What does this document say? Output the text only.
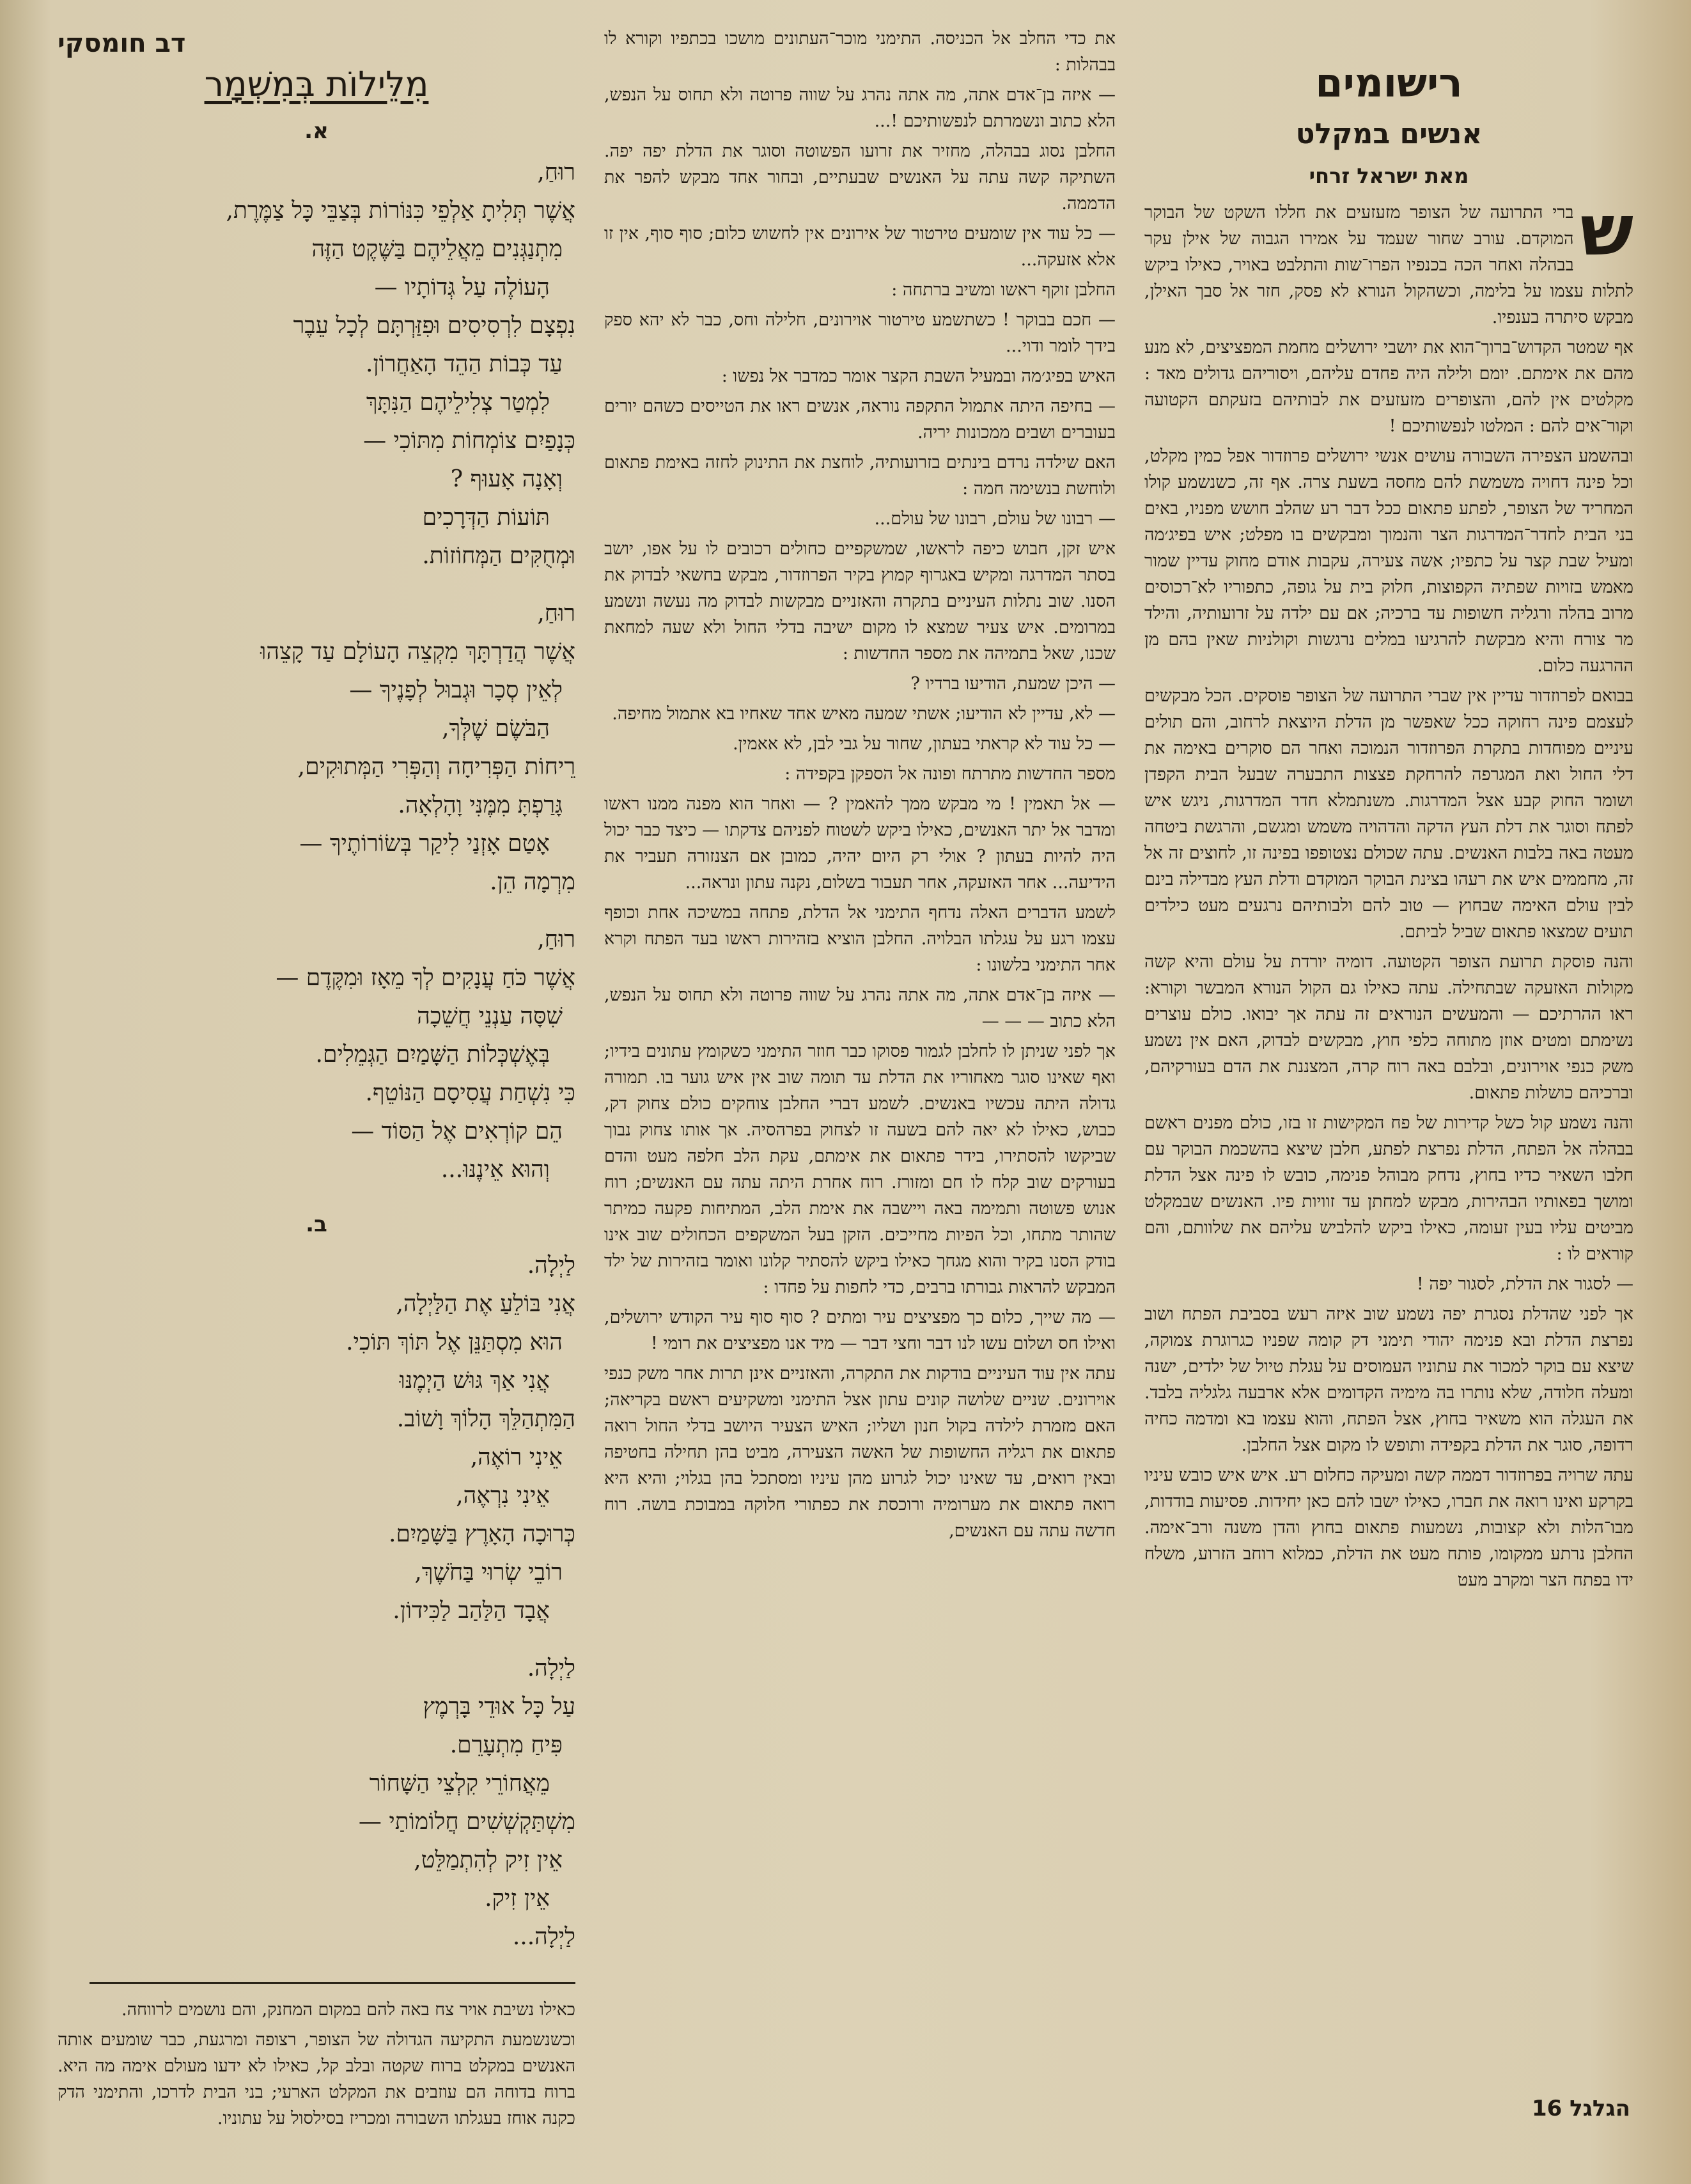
רישומים
אנשים במקלט
מאת ישראל זרחי

ש
ברי התרועה של הצופר מזעזעים את חללו השקט של הבוקר המוקדם. עורב שחור שעמד על אמירו הגבוה של אילן עקר בבהלה ואחר הכה בכנפיו הפרו־שות והתלבט באויר, כאילו ביקש לתלות עצמו על בלימה, וכשהקול הנורא לא פסק, חזר אל סבך האילן, מבקש סיתרה בענפיו.

אף שמטר הקדוש־ברוך־הוא את יושבי ירושלים מחמת המפציצים, לא מנע מהם את אימתם. יומם ולילה היה פחדם עליהם, ויסוריהם גדולים מאד : מקלטים אין להם, והצופרים מזעזעים את לבותיהם בזעקתם הקטועה וקור־אים להם : המלטו לנפשותיכם !

ובהשמע הצפירה השבורה עושים אנשי ירושלים פרוזדור אפל כמין מקלט, וכל פינה דחויה משמשת להם מחסה בשעת צרה. אף זה, כשנשמע קולו המחריד של הצופר, לפתע פתאום ככל דבר רע שהלב חושש מפניו, באים בני הבית לחדר־המדרגות הצר והנמוך ומבקשים בו מפלט; איש בפיג׳מה ומעיל שבת קצר על כתפיו; אשה צעירה, עקבות אודם מחוק עדיין שמור מאמש בזויות שפתיה הקפוצות, חלוק בית על גופה, כתפוריו לא־רכוסים מרוב בהלה ורגליה חשופות עד ברכיה; אם עם ילדה על זרועותיה, והילד מר צורח והיא מבקשת להרגיעו במלים נרגשות וקולניות שאין בהם מן ההרגעה כלום.

בבואם לפרוזדור עדיין אין שברי התרועה של הצופר פוסקים. הכל מבקשים לעצמם פינה רחוקה ככל שאפשר מן הדלת היוצאת לרחוב, והם תולים עיניים מפוחדות בתקרת הפרוזדור הנמוכה ואחר הם סוקרים באימה את דלי החול ואת המגרפה להרחקת פצצות התבערה שבעל הבית הקפדן ושומר החוק קבע אצל המדרגות. משנתמלא חדר המדרגות, ניגש איש לפתח וסוגר את דלת העץ הדקה והדהויה משמש ומגשם, והרגשת ביטחה מעטה באה בלבות האנשים. עתה שכולם נצטופפו בפינה זו, לחוצים זה אל זה, מחממים איש את רעהו בצינת הבוקר המוקדם ודלת העץ מבדילה בינם לבין עולם האימה שבחוץ — טוב להם ולבותיהם נרגעים מעט כילדים תועים שמצאו פתאום שביל לביתם.

והנה פוסקת תרועת הצופר הקטועה. דומיה יורדת על עולם והיא קשה מקולות האזעקה שבתחילה. עתה כאילו גם הקול הנורא המבשר וקורא: ראו ההרתיכם — והמעשים הנוראים זה עתה אך יבואו. כולם עוצרים נשימתם ומטים אוזן מתוחה כלפי חוץ, מבקשים לבדוק, האם אין נשמע משק כנפי אוירונים, ובלבם באה רוח קרה, המצננת את הדם בעורקיהם, וברכיהם כושלות פתאום.

והנה נשמע קול כשל קדירות של פח המקישות זו בזו, כולם מפנים ראשם בבהלה אל הפתח, הדלת נפרצת לפתע, חלבן שיצא בהשכמת הבוקר עם חלבו השאיר כדיו בחוץ, נדחק מבוהל פנימה, כובש לו פינה אצל הדלת ומושך בפאותיו הבהירות, מבקש למחתן עד זוויות פיו. האנשים שבמקלט מביטים עליו בעין זעומה, כאילו ביקש להלביש עליהם את שלוותם, והם קוראים לו :

— לסגור את הדלת, לסגור יפה !

אך לפני שהדלת נסגרת יפה נשמע שוב איזה רעש בסביבת הפתח ושוב נפרצת הדלת ובא פנימה יהודי תימני דק קומה שפניו כגרוגרת צמוקה, שיצא עם בוקר למכור את עתוניו העמוסים על עגלת טיול של ילדים, ישנה ומעלה חלודה, שלא נותרו בה מימיה הקדומים אלא ארבעה גלגליה בלבד. את העגלה הוא משאיר בחוץ, אצל הפתח, והוא עצמו בא ומדמה כחיה רדופה, סוגר את הדלת בקפידה ותופש לו מקום אצל החלבן.

עתה שרויה בפרוזדור דממה קשה ומעיקה כחלום רע. איש איש כובש עיניו בקרקע ואינו רואה את חברו, כאילו ישבו להם כאן יחידות. פסיעות בודדות, מבו־הלות ולא קצובות, נשמעות פתאום בחוץ והדן משנה ורב־אימה. החלבן נרתע ממקומו, פותח מעט את הדלת, כמלוא רוחב הזרוע, משלח ידו בפתח הצר ומקרב מעט

את כדי החלב אל הכניסה. התימני מוכר־העתונים מושכו בכתפיו וקורא לו בבהלות :

— איזה בן־אדם אתה, מה אתה נהרג על שווה פרוטה ולא תחוס על הנפש, הלא כתוב ונשמרתם לנפשותיכם !...

החלבן נסוג בבהלה, מחזיר את זרועו הפשוטה וסוגר את הדלת יפה יפה. השתיקה קשה עתה על האנשים שבעתיים, ובחור אחד מבקש להפר את הדממה.

— כל עוד אין שומעים טירטור של אירונים אין לחשוש כלום; סוף סוף, אין זו אלא אזעקה...

החלבן זוקף ראשו ומשיב ברתחה :

— חכם בבוקר ! כשתשמע טירטור אוירונים, חלילה וחס, כבר לא יהא ספק בידך לומר ודוי...

האיש בפיג׳מה ובמעיל השבת הקצר אומר כמדבר אל נפשו :

— בחיפה היתה אתמול התקפה נוראה, אנשים ראו את הטייסים כשהם יורים בעוברים ושבים ממכונות יריה.

האם שילדה נרדם בינתים בזרועותיה, לוחצת את התינוק לחזה באימת פתאום ולוחשת בנשימה חמה :

— רבונו של עולם, רבונו של עולם...

איש זקן, חבוש כיפה לראשו, שמשקפיים כחולים רכובים לו על אפו, יושב בסתר המדרגה ומקיש באגרוף קמוץ בקיר הפרוזדור, מבקש בחשאי לבדוק את הסנו. שוב נתלות העיניים בתקרה והאזניים מבקשות לבדוק מה נעשה ונשמע במרומים. איש צעיר שמצא לו מקום ישיבה בדלי החול ולא שעה למחאת שכנו, שאל בתמיהה את מספר החדשות :

— היכן שמעת, הודיעו ברדיו ?

— לא, עדיין לא הודיעו; אשתי שמעה מאיש אחד שאחיו בא אתמול מחיפה.

— כל עוד לא קראתי בעתון, שחור על גבי לבן, לא אאמין.

מספר החדשות מתרתח ופונה אל הספקן בקפידה :

— אל תאמין ! מי מבקש ממך להאמין ? — ואחר הוא מפנה ממנו ראשו ומדבר אל יתר האנשים, כאילו ביקש לשטוח לפניהם צדקתו — כיצד כבר יכול היה להיות בעתון ? אולי רק היום יהיה, כמובן אם הצנזורה תעביר את הידיעה... אחר האזעקה, אחר תעבור בשלום, נקנה עתון ונראה...

לשמע הדברים האלה נדחף התימני אל הדלת, פתחה במשיכה אחת וכופף עצמו רגע על עגלתו הבלויה. החלבן הוציא בזהירות ראשו בעד הפתח וקרא אחר התימני בלשונו :

— איזה בן־אדם אתה, מה אתה נהרג על שווה פרוטה ולא תחוס על הנפש, הלא כתוב — — —

אך לפני שניתן לו לחלבן לגמור פסוקו כבר חוזר התימני כשקומץ עתונים בידיו; ואף שאינו סוגר מאחוריו את הדלת עד תומה שוב אין איש גוער בו. תמורה גדולה היתה עכשיו באנשים. לשמע דברי החלבן צוחקים כולם צחוק דק, כבוש, כאילו לא יאה להם בשעה זו לצחוק בפרהסיה. אך אותו צחוק נבוך שביקשו להסתירו, בידר פתאום את אימתם, עקת הלב חלפה מעט והדם בעורקים שוב קלח לו חם ומזורז. רוח אחרת היתה עתה עם האנשים; רוח אנוש פשוטה ותמימה באה ויישבה את אימת הלב, המתיחות פקעה כמיתר שהותר מתחו, וכל הפיות מחייכים. הזקן בעל המשקפים הכחולים שוב אינו בודק הסנו בקיר והוא מגחך כאילו ביקש להסתיר קלונו ואומר בזהירות של ילד המבקש להראות גבורתו ברבים, כדי לחפות על פחדו :

— מה שייך, כלום כך מפציצים עיר ומתים ? סוף סוף עיר הקודש ירושלים, ואילו חס ושלום עשו לנו דבר וחצי דבר — מיד אנו מפציצים את רומי !

עתה אין עוד העיניים בודקות את התקרה, והאזניים אינן תרות אחר משק כנפי אוירונים. שניים שלושה קונים עתון אצל התימני ומשקיעים ראשם בקריאה; האם מזמרת לילדה בקול חנון ושליו; האיש הצעיר היושב בדלי החול רואה פתאום את רגליה החשופות של האשה הצעירה, מביט בהן תחילה בחטיפה ובאין רואים, עד שאינו יכול לגרוע מהן עיניו ומסתכל בהן בגלוי; והיא היא רואה פתאום את מערומיה ורוכסת את כפתורי חלוקה במבוכת בושה. רוח חדשה עתה עם האנשים,

דב חומסקי
מִלֵּילוֹת בְּמִשְׁמָר
א.
רוּחַ,
אֲשֶׁר תְּלִיתָ אַלְפֵי כִּנּוֹרוֹת בְּצַבֵּי כָּל צַמֶּרֶת,
מִתְנַגְּנִים מֵאֲלֵיהֶם בַּשֶּׁקֶט הַזֶּה
הָעוֹלֶה עַל גְּדוֹתָיו —
נִפְצָם לִרְסִיסִים וּפִזַּרְתָּם לְכָל עֵבֶר
עַד כְּבוֹת הַהֵד הָאַחֲרוֹן.
לִמְטַר צְלִילֵיהֶם הַנִּתָּךְ
כְּנָפַיִם צוֹמְחוֹת מִתּוֹכִי —
וְאָנָה אָעוּף ?
תּוֹעוֹת הַדְּרָכִים
וּמְחֻקִּים הַמְּחוֹזוֹת.
רוּחַ,
אֲשֶׁר הֲדַרְתָּךְ מִקְצֵה הָעוֹלָם עַד קָצֵהוּ
לְאֵין סְכָר וּגְבוּל לְפָנֶיךָ —
הַבֹּשֶׂם שֶׁלְּךָ,
רֵיחוֹת הַפְּרִיחָה וְהַפְּרִי הַמְּתוּקִים,
גָּרַפְתָּ מִמֶּנִּי וָהָלְאָה.
אָטַם אָזְנַי לִיקַר בְּשׂוֹרוֹתֶיךָ —
מִרְמָה הֵן.
רוּחַ,
אֲשֶׁר כֹּחַ עֲנָקִים לְךָ מֵאָז וּמִקֶּדֶם —
שִׁסָּה עַנְנֵי חֲשֵׁכָה
בְּאֶשְׁכְּלוֹת הַשָּׁמַיִם הַגְּמֵלִים.
כִּי נִשְׁחַת עֲסִיסָם הַנּוֹטֵף.
הֵם קוֹרְאִים אֶל הַסּוֹד —
וְהוּא אֵינֶנּוּ...
ב.
לַיְלָה.
אֲנִי בּוֹלֵעַ אֶת הַלַּיְלָה,
הוּא מִסְתַּנֵּן אֶל תּוֹךְ תּוֹכִי.
אֲנִי אַךְ גּוּשׁ הַיְמֶנּוּ
הַמִּתְהַלֵּךְ הָלוֹךְ וָשׁוֹב.
אֵינִי רוֹאֶה,
אֵינִי נִרְאֶה,
כְּרוּכָה הָאָרֶץ בַּשָּׁמַיִם.
רוֹבֵי שְׂרוּי בַּחֹשֶׁךְ,
אֲבָד הַלַּהַב לַכִּידוֹן.
לַיְלָה.
עַל כָּל אוּדֵי בָּרְמֶץ
פִּיחַ מִתְעָרֵם.
מֵאֲחוֹרֵי קִלְצֵי הַשָּׁחוֹר
מִשְׁתַּקְשְׁשִׁים חֲלוֹמוֹתַי —
אֵין זִיק לְהִתְמַלֵּט,
אֵין זִיק.
לַיְלָה...

כאילו נשיבת אויר צח באה להם במקום המחנק, והם נושמים לרווחה.

וכשנשמעת התקיעה הגדולה של הצופר, רצופה ומרגעת, כבר שומעים אותה האנשים במקלט ברוח שקטה ובלב קל, כאילו לא ידעו מעולם אימה מה היא. ברוח בדוחה הם עוזבים את המקלט הארעי; בני הבית לדרכו, והתימני הדק כקנה אוחז בעגלתו השבורה ומכריז בסילסול על עתוניו.	הגלגל 16
